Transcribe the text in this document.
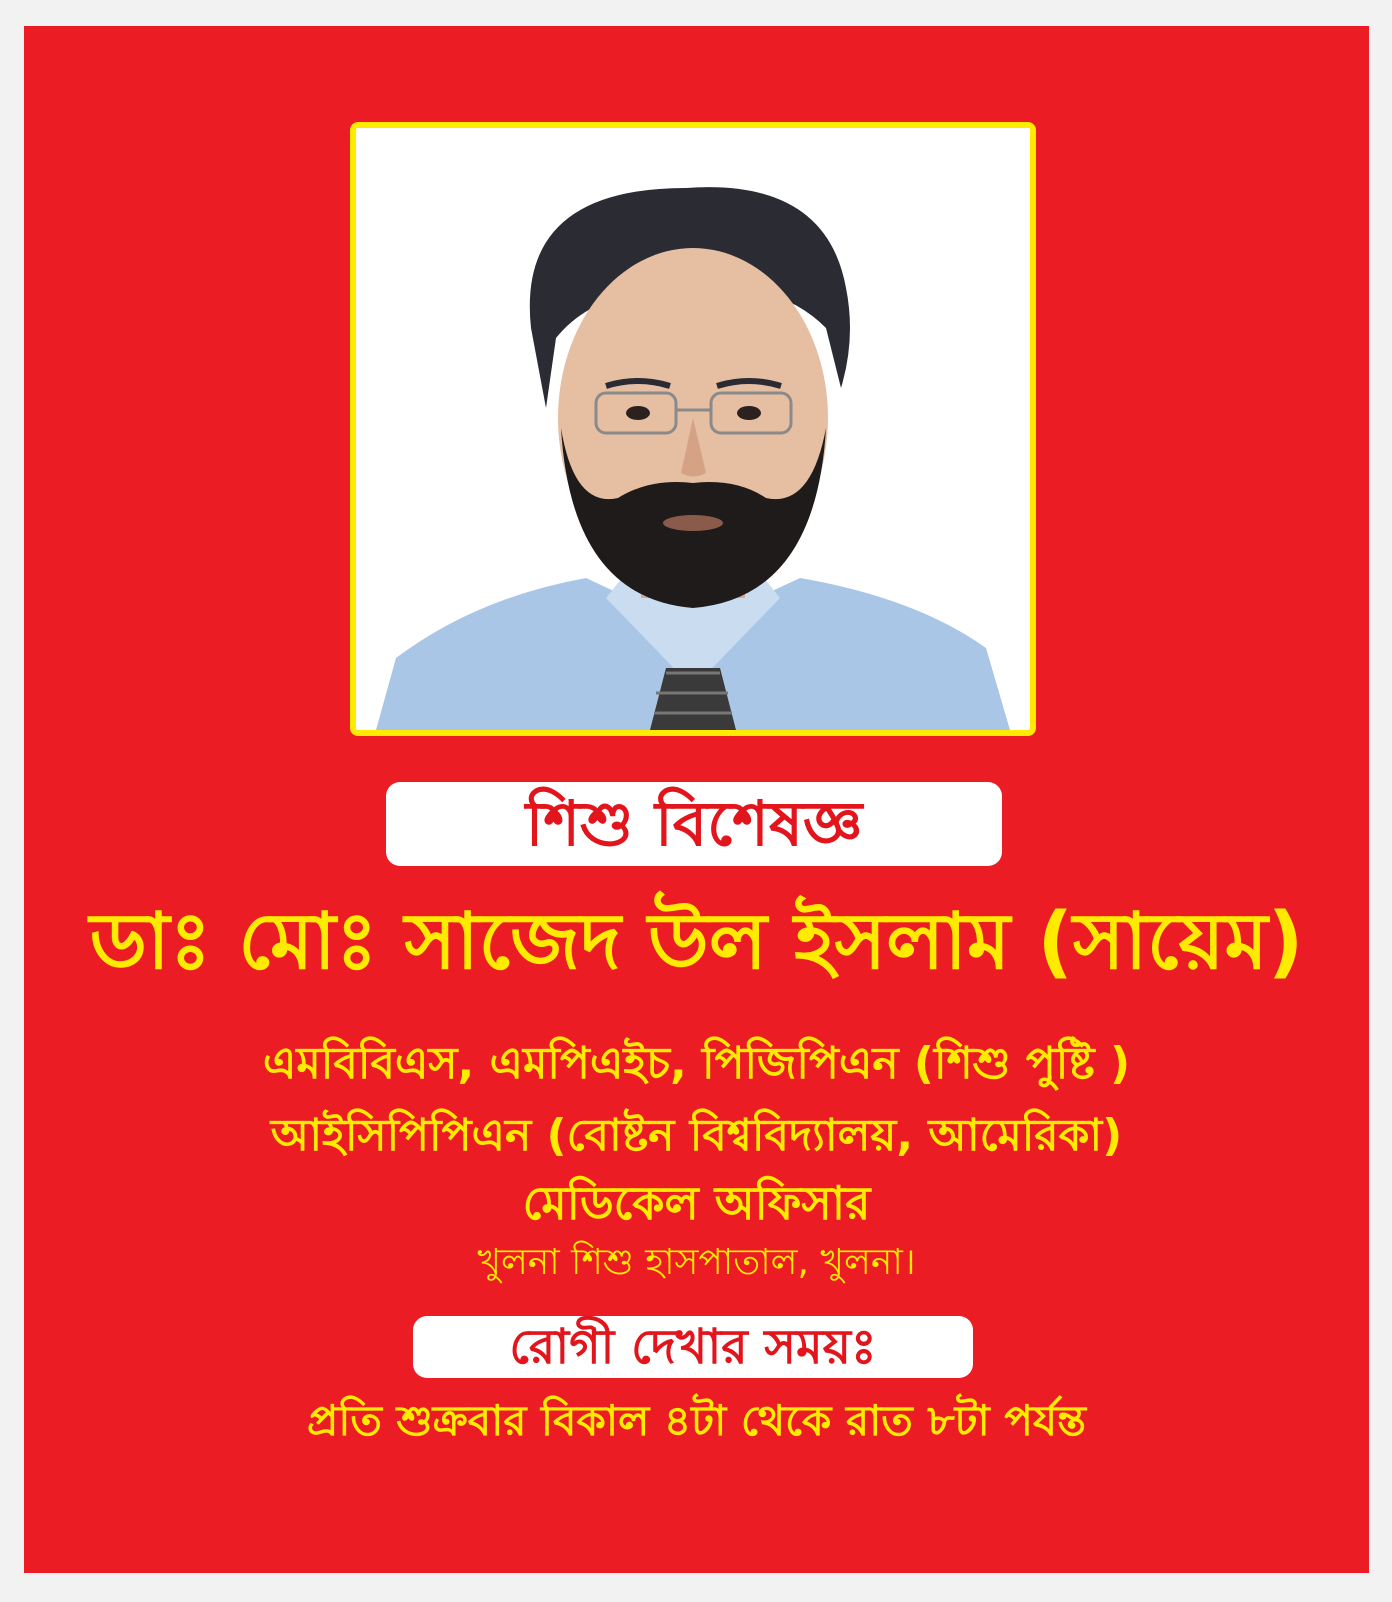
শিশু বিশেষজ্ঞ
ডাঃ মোঃ সাজেদ উল ইসলাম (সায়েম)
এমবিবিএস, এমপিএইচ, পিজিপিএন (শিশু পুষ্টি )
আইসিপিপিএন (বোষ্টন বিশ্ববিদ্যালয়, আমেরিকা)
মেডিকেল অফিসার
খুলনা শিশু হাসপাতাল, খুলনা।
রোগী দেখার সময়ঃ
প্রতি শুক্রবার বিকাল ৪টা থেকে রাত ৮টা পর্যন্ত
